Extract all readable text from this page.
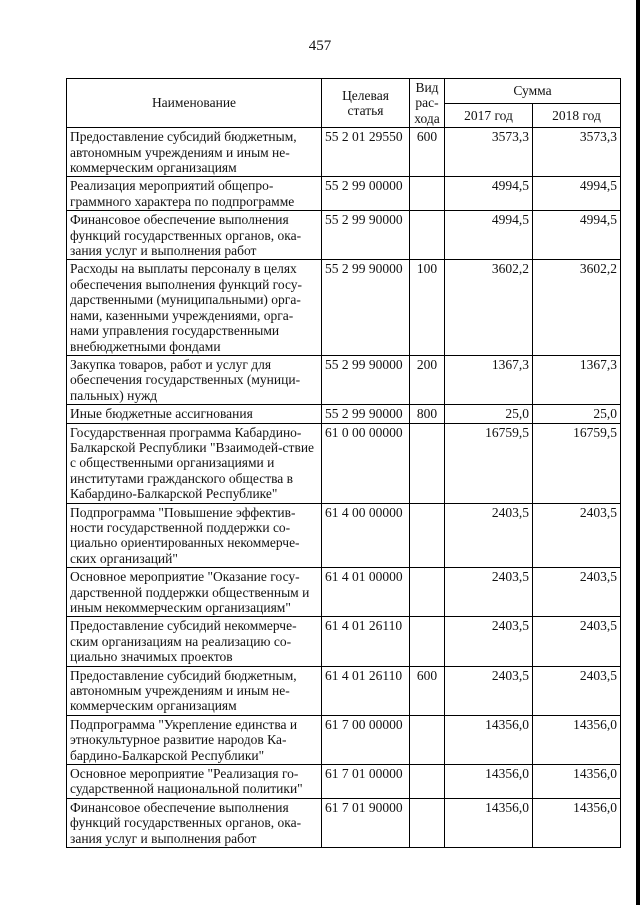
457
Наименование	Целевая статья	Вид рас-хода	Сумма	
			2017 год	2018 год
Предоставление субсидий бюджетным, автономным учреждениям и иным не-коммерческим организациям	55 2 01 29550	600	3573,3	3573,3
Реализация мероприятий общепро-граммного характера по подпрограмме	55 2 99 00000		4994,5	4994,5
Финансовое обеспечение выполнения функций государственных органов, ока-зания услуг и выполнения работ	55 2 99 90000		4994,5	4994,5
Расходы на выплаты персоналу в целях обеспечения выполнения функций госу-дарственными (муниципальными) орга-нами, казенными учреждениями, орга-нами управления государственными внебюджетными фондами	55 2 99 90000	100	3602,2	3602,2
Закупка товаров, работ и услуг для обеспечения государственных (муници-пальных) нужд	55 2 99 90000	200	1367,3	1367,3
Иные бюджетные ассигнования	55 2 99 90000	800	25,0	25,0
Государственная программа Кабардино-Балкарской Республики "Взаимодей-ствие с общественными организациями и институтами гражданского общества в Кабардино-Балкарской Республике"	61 0 00 00000		16759,5	16759,5
Подпрограмма "Повышение эффектив-ности государственной поддержки со-циально ориентированных некоммерче-ских организаций"	61 4 00 00000		2403,5	2403,5
Основное мероприятие "Оказание госу-дарственной поддержки общественным и иным некоммерческим организациям"	61 4 01 00000		2403,5	2403,5
Предоставление субсидий некоммерче-ским организациям на реализацию со-циально значимых проектов	61 4 01 26110		2403,5	2403,5
Предоставление субсидий бюджетным, автономным учреждениям и иным не-коммерческим организациям	61 4 01 26110	600	2403,5	2403,5
Подпрограмма "Укрепление единства и этнокультурное развитие народов Ка-бардино-Балкарской Республики"	61 7 00 00000		14356,0	14356,0
Основное мероприятие "Реализация го-сударственной национальной политики"	61 7 01 00000		14356,0	14356,0
Финансовое обеспечение выполнения функций государственных органов, ока-зания услуг и выполнения работ	61 7 01 90000		14356,0	14356,0
